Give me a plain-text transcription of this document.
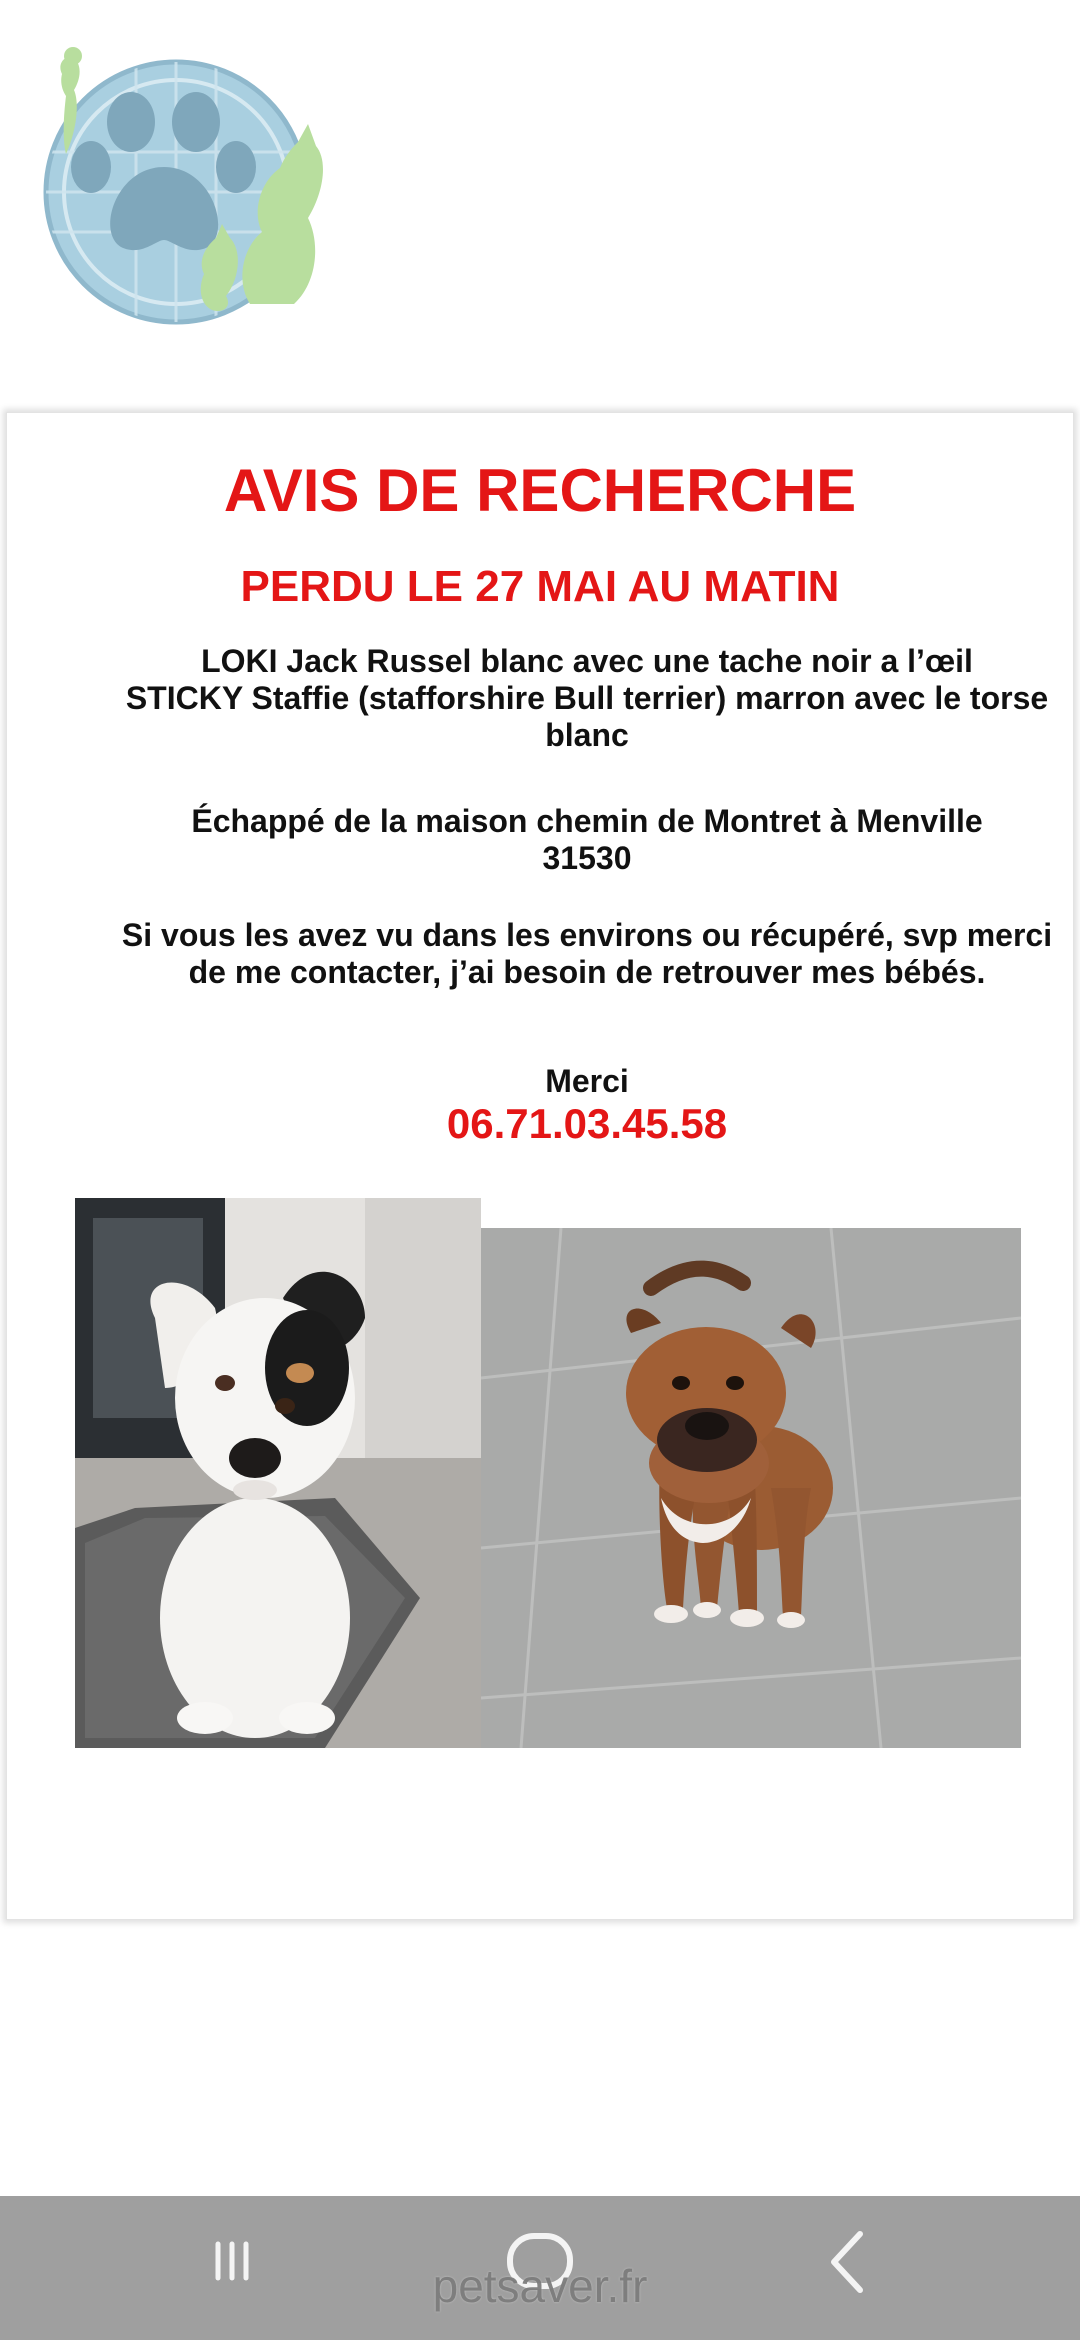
AVIS DE RECHERCHE
PERDU LE 27 MAI AU MATIN
LOKI Jack Russel blanc avec une tache noir a l’œil
STICKY Staffie (stafforshire Bull terrier) marron avec le torse blanc
Échappé de la maison chemin de Montret à Menville
31530
Si vous les avez vu dans les environs ou récupéré, svp merci de me contacter, j’ai besoin de retrouver mes bébés.
Merci
06.71.03.45.58
petsaver.fr
